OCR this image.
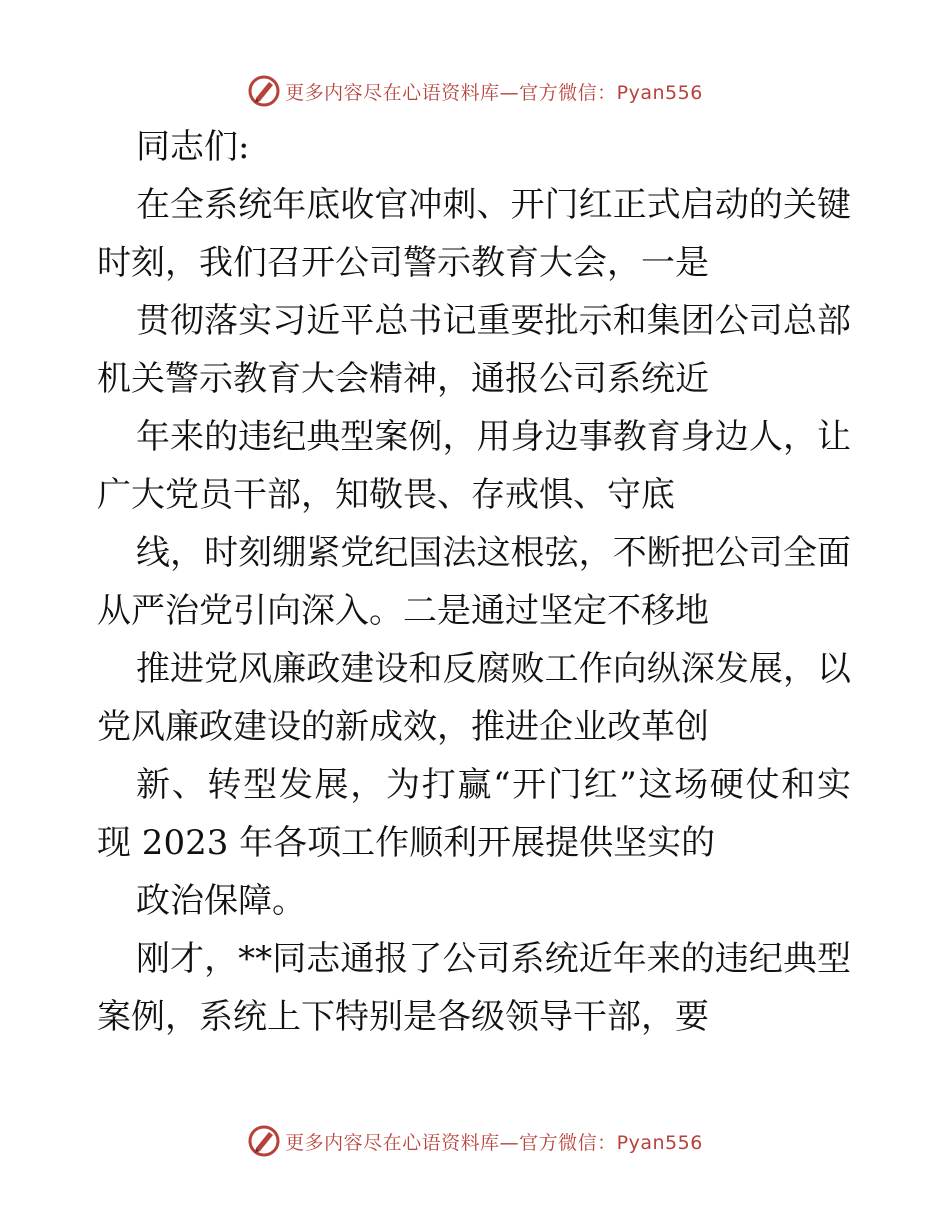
更多内容尽在心语资料库—官方微信：Pyan556
同志们:
在全系统年底收官冲刺、开门红正式启动的关键
时刻，我们召开公司警示教育大会，一是
贯彻落实习近平总书记重要批示和集团公司总部
机关警示教育大会精神，通报公司系统近
年来的违纪典型案例，用身边事教育身边人，让
广大党员干部，知敬畏、存戒惧、守底
线，时刻绷紧党纪国法这根弦，不断把公司全面
从严治党引向深入。二是通过坚定不移地
推进党风廉政建设和反腐败工作向纵深发展，以
党风廉政建设的新成效，推进企业改革创
新、转型发展，为打赢“开门红”这场硬仗和实
现 2023 年各项工作顺利开展提供坚实的
政治保障。
刚才，**同志通报了公司系统近年来的违纪典型
案例，系统上下特别是各级领导干部，要
更多内容尽在心语资料库—官方微信：Pyan556
